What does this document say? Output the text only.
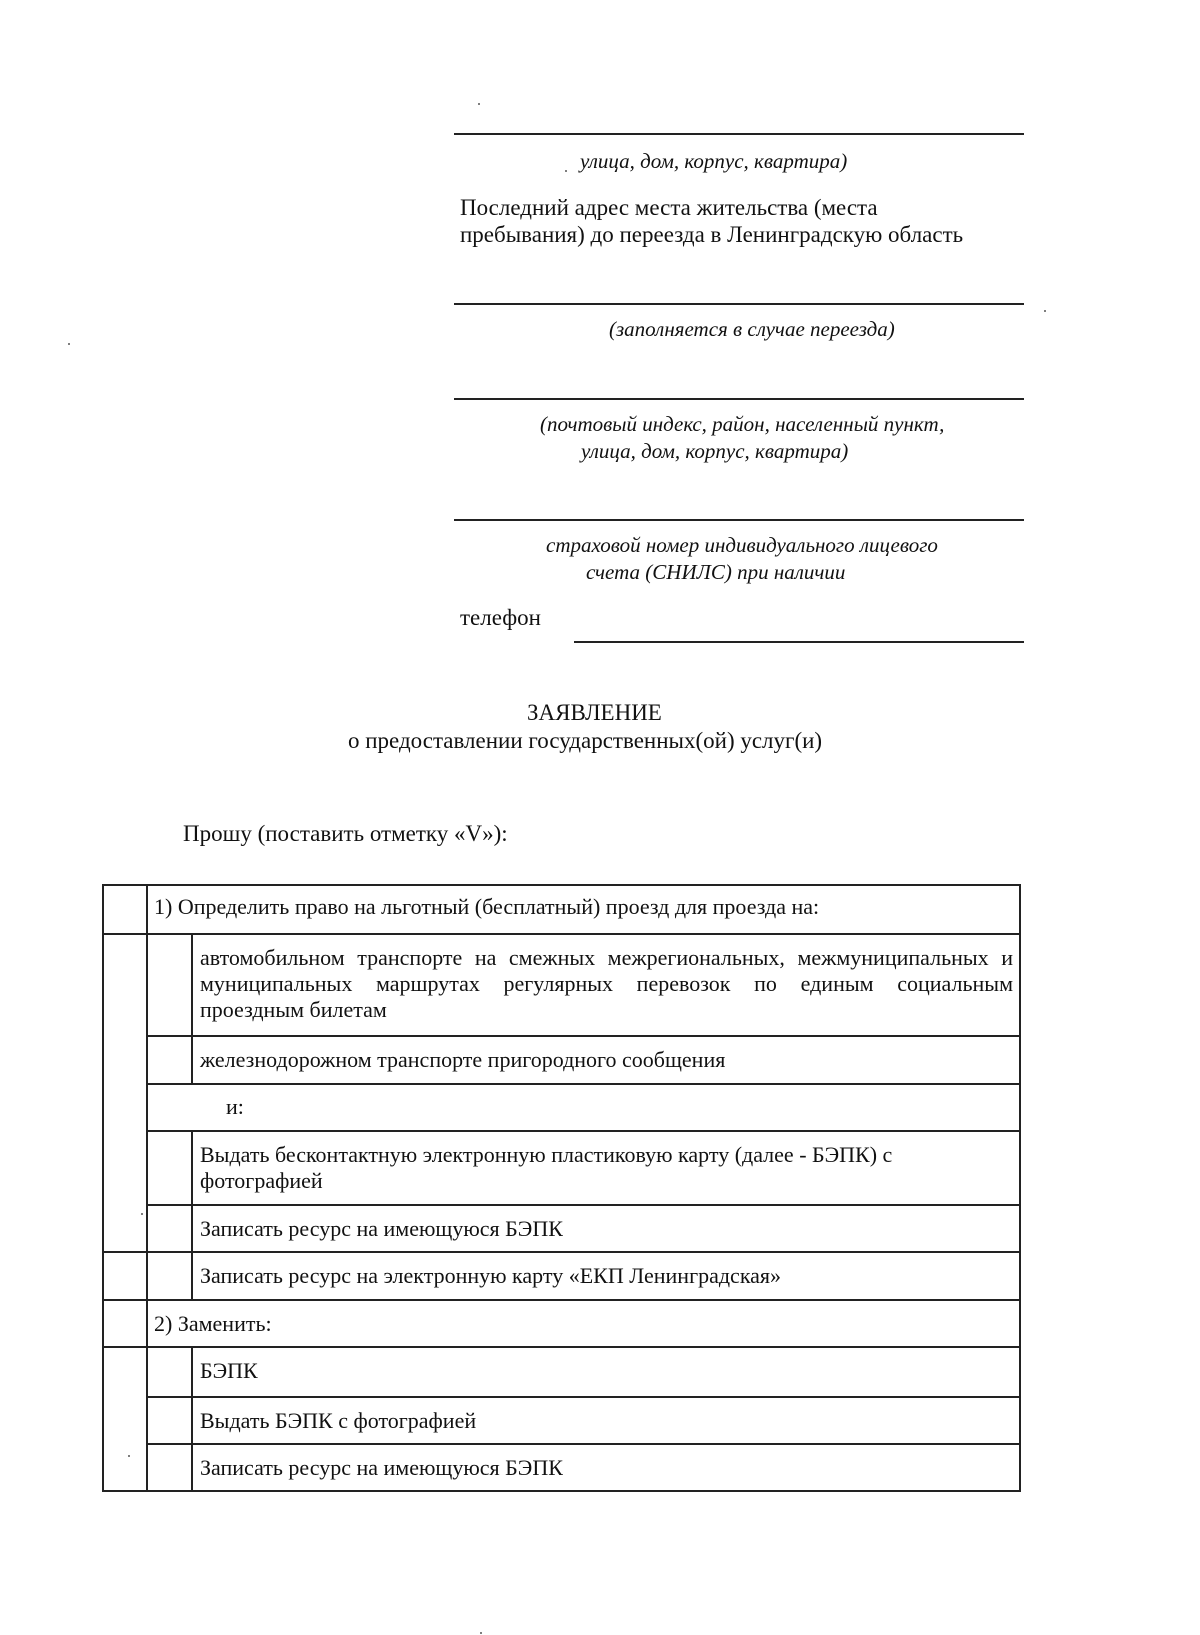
улица, дом, корпус, квартира)
Последний адрес места жительства (места
пребывания) до переезда в Ленинградскую область
(заполняется в случае переезда)
(почтовый индекс, район, населенный пункт,
улица, дом, корпус, квартира)
страховой номер индивидуального лицевого
счета (СНИЛС) при наличии
телефон
ЗАЯВЛЕНИЕ
о предоставлении государственных(ой) услуг(и)
Прошу (поставить отметку «V»):
1) Определить право на льготный (бесплатный) проезд для проезда на:
автомобильном транспорте на смежных межрегиональных, межмуниципальных и муниципальных маршрутах регулярных перевозок по единым социальным проездным билетам
железнодорожном транспорте пригородного сообщения
и:
Выдать бесконтактную электронную пластиковую карту (далее - БЭПК) с фотографией
Записать ресурс на имеющуюся БЭПК
Записать ресурс на электронную карту «ЕКП Ленинградская»
2) Заменить:
БЭПК
Выдать БЭПК с фотографией
Записать ресурс на имеющуюся БЭПК
